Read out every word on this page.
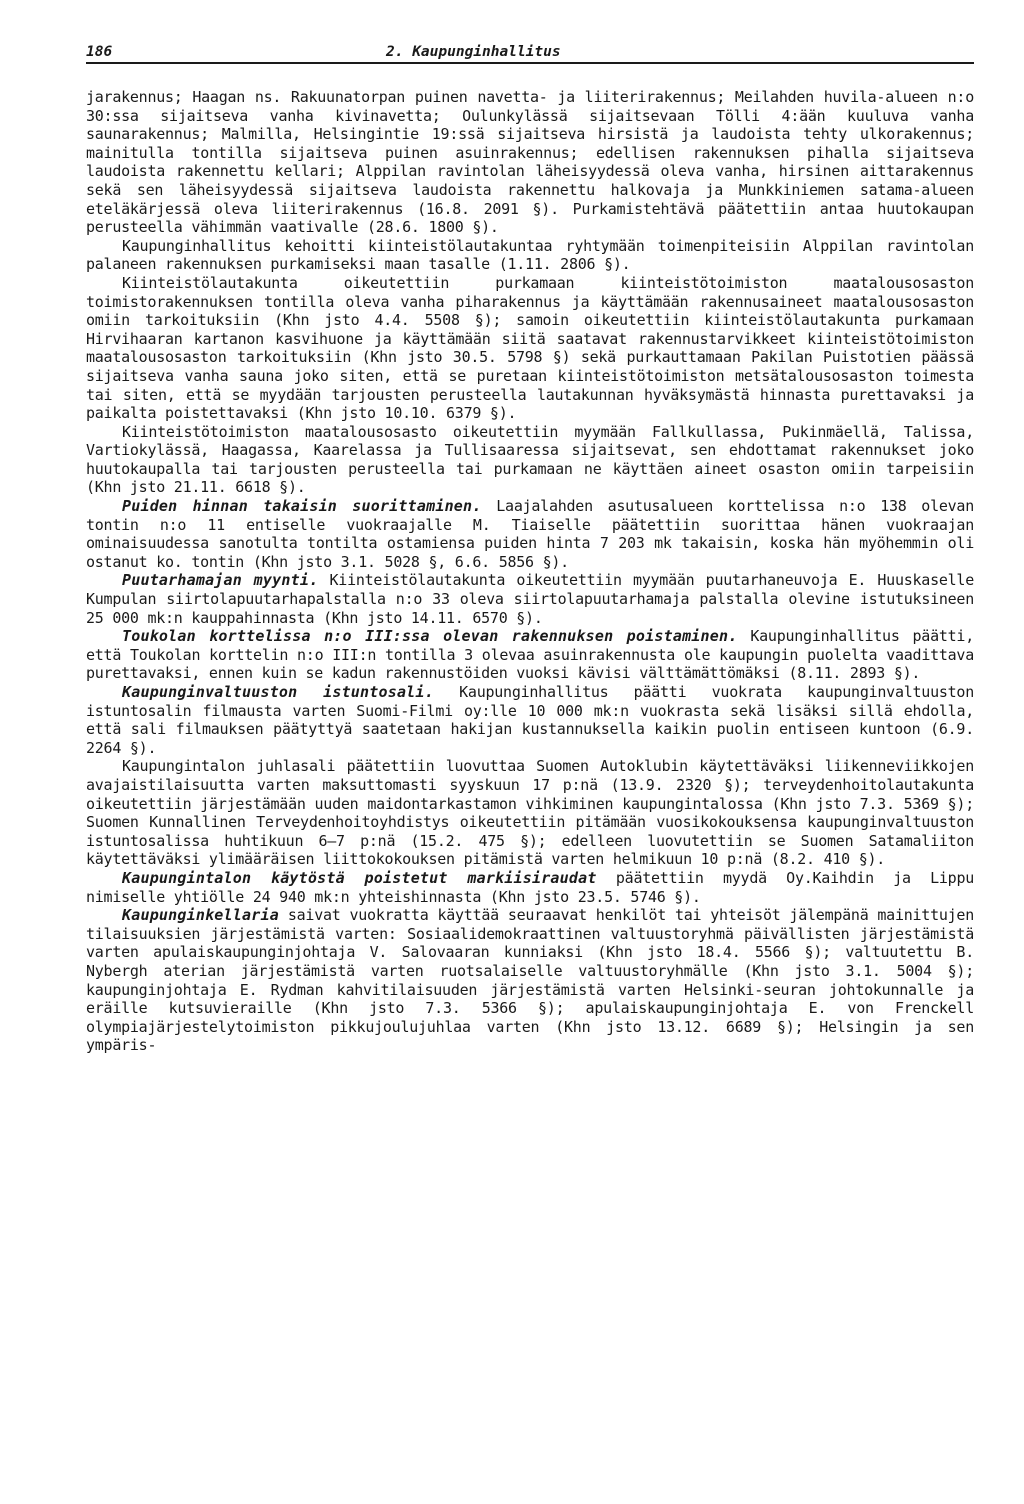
186	2. Kaupunginhallitus

jarakennus; Haagan ns. Rakuunatorpan puinen navetta- ja liiterirakennus; Meilahden huvila-alueen n:o 30:ssa sijaitseva vanha kivinavetta; Oulunkylässä sijaitsevaan Tölli 4:ään kuuluva vanha saunarakennus; Malmilla, Helsingintie 19:ssä sijaitseva hirsistä ja laudoista tehty ulkorakennus; mainitulla tontilla sijaitseva puinen asuinrakennus; edellisen rakennuksen pihalla sijaitseva laudoista rakennettu kellari; Alppilan ravintolan läheisyydessä oleva vanha, hirsinen aittarakennus sekä sen läheisyydessä sijaitseva laudoista rakennettu halkovaja ja Munkkiniemen satama-alueen eteläkärjessä oleva liiterirakennus (16.8. 2091 §). Purkamistehtävä päätettiin antaa huutokaupan perusteella vähimmän vaativalle (28.6. 1800 §).

Kaupunginhallitus kehoitti kiinteistölautakuntaa ryhtymään toimenpiteisiin Alppilan ravintolan palaneen rakennuksen purkamiseksi maan tasalle (1.11. 2806 §).

Kiinteistölautakunta oikeutettiin purkamaan kiinteistötoimiston maatalousosaston toimistorakennuksen tontilla oleva vanha piharakennus ja käyttämään rakennusaineet maatalousosaston omiin tarkoituksiin (Khn jsto 4.4. 5508 §); samoin oikeutettiin kiinteistölautakunta purkamaan Hirvihaaran kartanon kasvihuone ja käyttämään siitä saatavat rakennustarvikkeet kiinteistötoimiston maatalousosaston tarkoituksiin (Khn jsto 30.5. 5798 §) sekä purkauttamaan Pakilan Puistotien päässä sijaitseva vanha sauna joko siten, että se puretaan kiinteistötoimiston metsätalousosaston toimesta tai siten, että se myydään tarjousten perusteella lautakunnan hyväksymästä hinnasta purettavaksi ja paikalta poistettavaksi (Khn jsto 10.10. 6379 §).

Kiinteistötoimiston maatalousosasto oikeutettiin myymään Fallkullassa, Pukinmäellä, Talissa, Vartiokylässä, Haagassa, Kaarelassa ja Tullisaaressa sijaitsevat, sen ehdottamat rakennukset joko huutokaupalla tai tarjousten perusteella tai purkamaan ne käyttäen aineet osaston omiin tarpeisiin (Khn jsto 21.11. 6618 §).

Puiden hinnan takaisin suorittaminen. Laajalahden asutusalueen korttelissa n:o 138 olevan tontin n:o 11 entiselle vuokraajalle M. Tiaiselle päätettiin suorittaa hänen vuokraajan ominaisuudessa sanotulta tontilta ostamiensa puiden hinta 7 203 mk takaisin, koska hän myöhemmin oli ostanut ko. tontin (Khn jsto 3.1. 5028 §, 6.6. 5856 §).

Puutarhamajan myynti. Kiinteistölautakunta oikeutettiin myymään puutarhaneuvoja E. Huuskaselle Kumpulan siirtolapuutarhapalstalla n:o 33 oleva siirtolapuutarhamaja palstalla olevine istutuksineen 25 000 mk:n kauppahinnasta (Khn jsto 14.11. 6570 §).

Toukolan korttelissa n:o III:ssa olevan rakennuksen poistaminen. Kaupunginhallitus päätti, että Toukolan korttelin n:o III:n tontilla 3 olevaa asuinrakennusta ole kaupungin puolelta vaadittava purettavaksi, ennen kuin se kadun rakennustöiden vuoksi kävisi välttämättömäksi (8.11. 2893 §).

Kaupunginvaltuuston istuntosali. Kaupunginhallitus päätti vuokrata kaupunginvaltuuston istuntosalin filmausta varten Suomi-Filmi oy:lle 10 000 mk:n vuokrasta sekä lisäksi sillä ehdolla, että sali filmauksen päätyttyä saatetaan hakijan kustannuksella kaikin puolin entiseen kuntoon (6.9. 2264 §).

Kaupungintalon juhlasali päätettiin luovuttaa Suomen Autoklubin käytettäväksi liikenneviikkojen avajaistilaisuutta varten maksuttomasti syyskuun 17 p:nä (13.9. 2320 §); terveydenhoitolautakunta oikeutettiin järjestämään uuden maidontarkastamon vihkiminen kaupungintalossa (Khn jsto 7.3. 5369 §); Suomen Kunnallinen Terveydenhoitoyhdistys oikeutettiin pitämään vuosikokouksensa kaupunginvaltuuston istuntosalissa huhtikuun 6–7 p:nä (15.2. 475 §); edelleen luovutettiin se Suomen Satamaliiton käytettäväksi ylimääräisen liittokokouksen pitämistä varten helmikuun 10 p:nä (8.2. 410 §).

Kaupungintalon käytöstä poistetut markiisiraudat päätettiin myydä Oy.Kaihdin ja Lippu nimiselle yhtiölle 24 940 mk:n yhteishinnasta (Khn jsto 23.5. 5746 §).

Kaupunginkellaria saivat vuokratta käyttää seuraavat henkilöt tai yhteisöt jälempänä mainittujen tilaisuuksien järjestämistä varten: Sosiaalidemokraattinen valtuustoryhmä päivällisten järjestämistä varten apulaiskaupunginjohtaja V. Salovaaran kunniaksi (Khn jsto 18.4. 5566 §); valtuutettu B. Nybergh aterian järjestämistä varten ruotsalaiselle valtuustoryhmälle (Khn jsto 3.1. 5004 §); kaupunginjohtaja E. Rydman kahvitilaisuuden järjestämistä varten Helsinki-seuran johtokunnalle ja eräille kutsuvieraille (Khn jsto 7.3. 5366 §); apulaiskaupunginjohtaja E. von Frenckell olympiajärjestelytoimiston pikkujoulujuhlaa varten (Khn jsto 13.12. 6689 §); Helsingin ja sen ympäris-
